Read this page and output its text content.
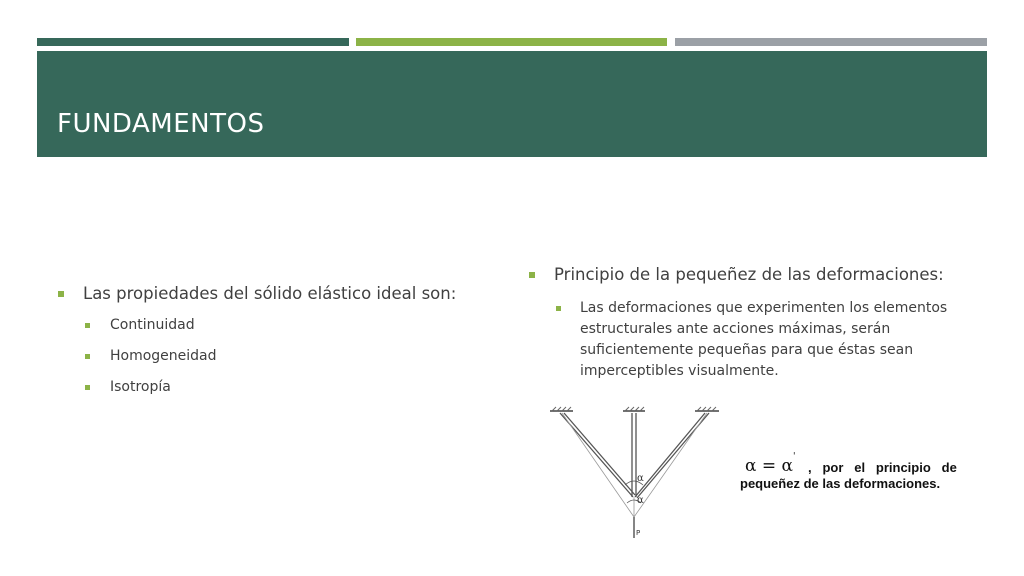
FUNDAMENTOS
Las propiedades del sólido elástico ideal son:
Continuidad
Homogeneidad
Isotropía
Principio de la pequeñez de las deformaciones:
Las deformaciones que experimenten los elementos estructurales ante acciones máximas, serán suficientemente pequeñas para que éstas sean imperceptibles visualmente.
α
α
P
α = α'
,   por   el   principio   de
pequeñez de las deformaciones.
